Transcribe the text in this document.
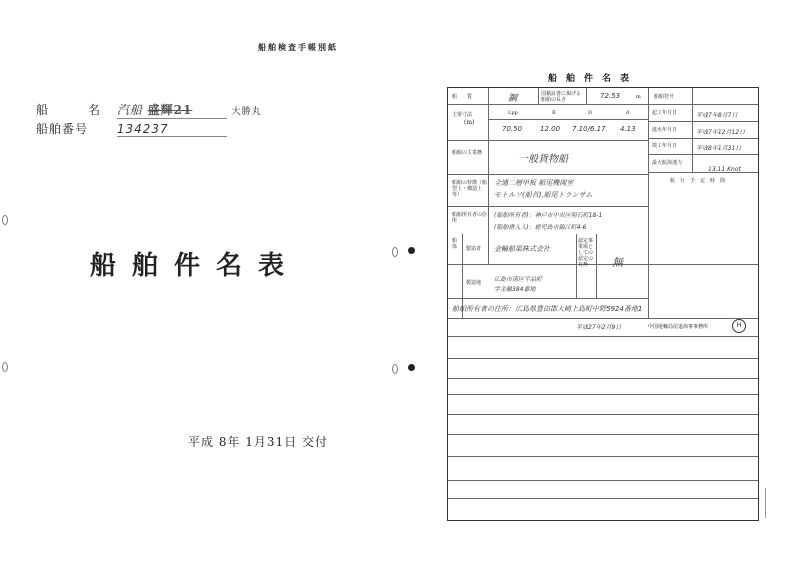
船舶検査手帳別紙
船　　　名 汽船 盛輝21	大勝丸
船舶番号 134237
船舶件名表
平成 8年 1月31日 交付
船舶件名表
船　　質	鋼	国籍証書に掲げる船舶の長さ	72.53	m
主要寸法
(m)
Lpp	B	D	d
70.50	12.00 7.10/6.17 4.13
船舶の主業務
一般貨物船
船舶の特徴（船型上・構造上等）
全通二層甲板 船尾機関室
モトルソ(船首),船尾トランサム
船舶所有者の住所
(船舶所有者)：神戸市中央区明石町18-1
(船舶借入人)：鹿児島市錦江町4-6
船体	製造者 金輪船渠株式会社
製造地 広島市南区宇品町
字金輪384番地
認定事業場としての認定の有無	無
船舶符号
起工年月日	平成7年8月7日
進水年月日	平成7年12月12日
竣工年月日	平成8年1月31日
最大航海速力
13.11 Knot
航　行　予　定　時　間
船舶所有者の住所：広島県豊田郡大崎上島町中野5924番地1
平成27年2月9日	中国運輸局尾道海事事務所	H
